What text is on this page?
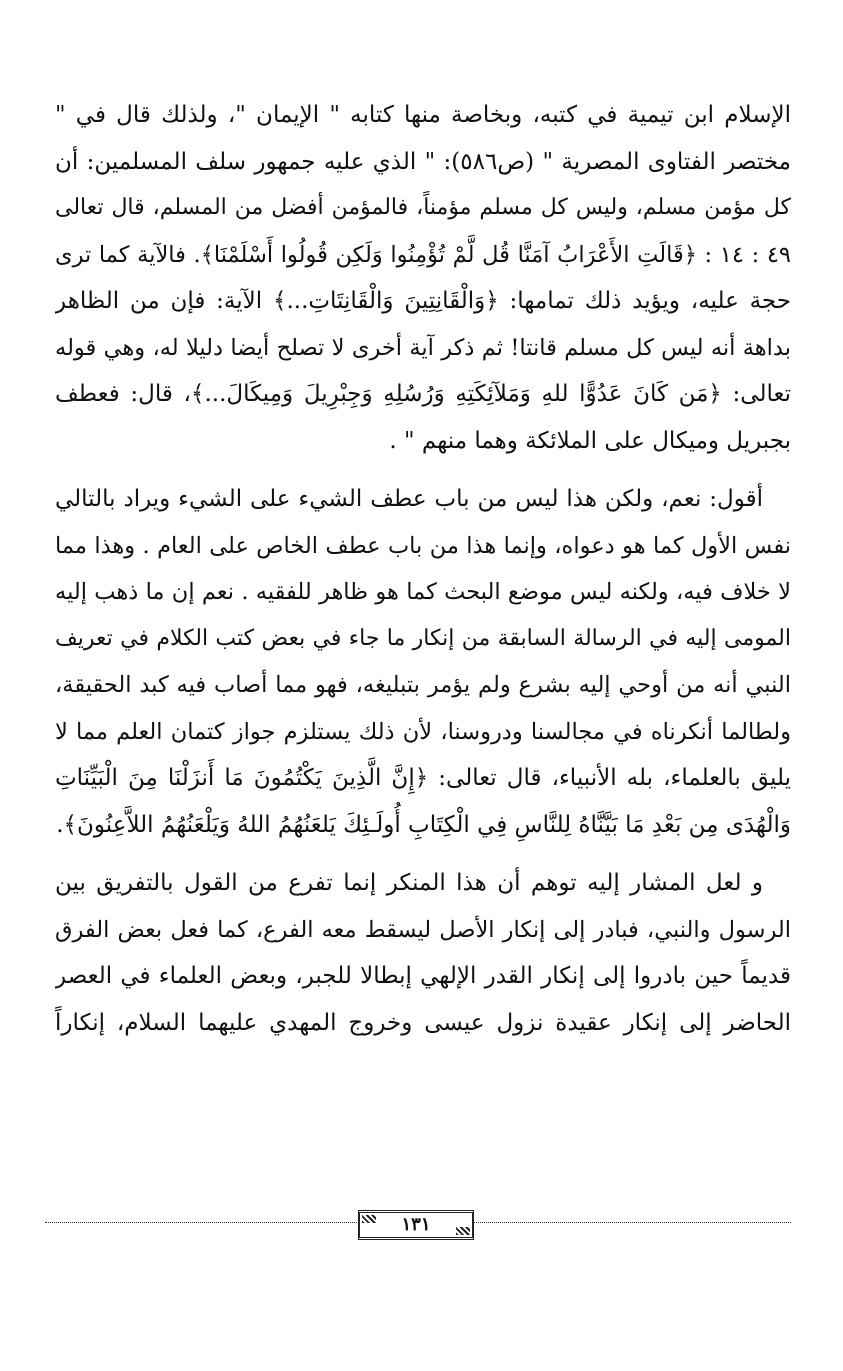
الإسلام ابن تيمية في كتبه، وبخاصة منها كتابه " الإيمان "، ولذلك قال في "
مختصر الفتاوى المصرية " (ص٥٨٦): " الذي عليه جمهور سلف المسلمين: أن
كل مؤمن مسلم، وليس كل مسلم مؤمناً، فالمؤمن أفضل من المسلم، قال تعالى
٤٩ : ١٤ : ﴿قَالَتِ الأَعْرَابُ آمَنَّا قُل لَّمْ تُؤْمِنُوا وَلَكِن قُولُوا أَسْلَمْنَا﴾. فالآية كما ترى
حجة عليه، ويؤيد ذلك تمامها: ﴿وَالْقَانِتِينَ وَالْقَانِتَاتِ...﴾ الآية: فإن من الظاهر
بداهة أنه ليس كل مسلم قانتا! ثم ذكر آية أخرى لا تصلح أيضا دليلا له، وهي قوله
تعالى: ﴿مَن كَانَ عَدُوًّا للهِ وَمَلآئِكَتِهِ وَرُسُلِهِ وَجِبْرِيلَ وَمِيكَالَ...﴾، قال: فعطف
بجبريل وميكال على الملائكة وهما منهم " .
أقول: نعم، ولكن هذا ليس من باب عطف الشيء على الشيء ويراد بالتالي
نفس الأول كما هو دعواه، وإنما هذا من باب عطف الخاص على العام . وهذا مما
لا خلاف فيه، ولكنه ليس موضع البحث كما هو ظاهر للفقيه . نعم إن ما ذهب إليه
المومى إليه في الرسالة السابقة من إنكار ما جاء في بعض كتب الكلام في تعريف
النبي أنه من أوحي إليه بشرع ولم يؤمر بتبليغه، فهو مما أصاب فيه كبد الحقيقة،
ولطالما أنكرناه في مجالسنا ودروسنا، لأن ذلك يستلزم جواز كتمان العلم مما لا
يليق بالعلماء، بله الأنبياء، قال تعالى: ﴿إِنَّ الَّذِينَ يَكْتُمُونَ مَا أَنزَلْنَا مِنَ الْبَيِّنَاتِ
وَالْهُدَى مِن بَعْدِ مَا بَيَّنَّاهُ لِلنَّاسِ فِي الْكِتَابِ أُولَـئِكَ يَلعَنُهُمُ اللهُ وَيَلْعَنُهُمُ اللاَّعِنُونَ﴾.
و لعل المشار إليه توهم أن هذا المنكر إنما تفرع من القول بالتفريق بين
الرسول والنبي، فبادر إلى إنكار الأصل ليسقط معه الفرع، كما فعل بعض الفرق
قديماً حين بادروا إلى إنكار القدر الإلهي إبطالا للجبر، وبعض العلماء في العصر
الحاضر إلى إنكار عقيدة نزول عيسى وخروج المهدي عليهما السلام، إنكاراً
١٣١
